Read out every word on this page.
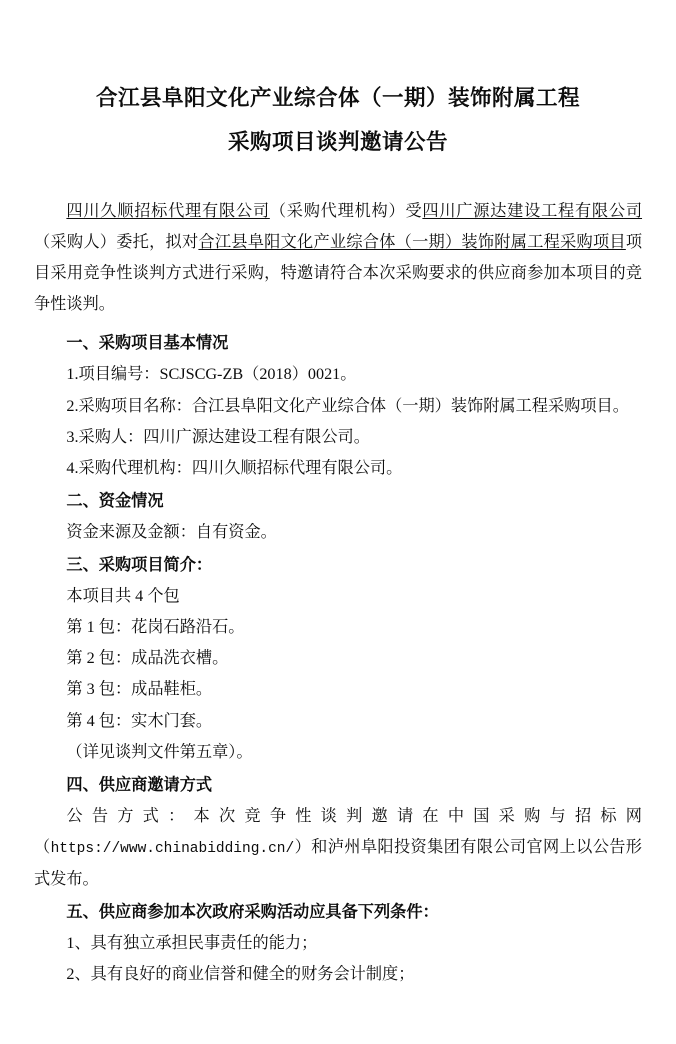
合江县阜阳文化产业综合体（一期）装饰附属工程
采购项目谈判邀请公告

四川久顺招标代理有限公司（采购代理机构）受四川广源达建设工程有限公司（采购人）委托，拟对合江县阜阳文化产业综合体（一期）装饰附属工程采购项目项目采用竞争性谈判方式进行采购，特邀请符合本次采购要求的供应商参加本项目的竞争性谈判。

一、采购项目基本情况

1.项目编号：SCJSCG-ZB（2018）0021。

2.采购项目名称：合江县阜阳文化产业综合体（一期）装饰附属工程采购项目。

3.采购人：四川广源达建设工程有限公司。

4.采购代理机构：四川久顺招标代理有限公司。

二、资金情况

资金来源及金额：自有资金。

三、采购项目简介：

本项目共 4 个包

第 1 包：花岗石路沿石。

第 2 包：成品洗衣槽。

第 3 包：成品鞋柜。

第 4 包：实木门套。

（详见谈判文件第五章）。

四、供应商邀请方式

公告方式：本次竞争性谈判邀请在中国采购与招标网（https://www.chinabidding.cn/）和泸州阜阳投资集团有限公司官网上以公告形式发布。

五、供应商参加本次政府采购活动应具备下列条件：

1、具有独立承担民事责任的能力；

2、具有良好的商业信誉和健全的财务会计制度；
